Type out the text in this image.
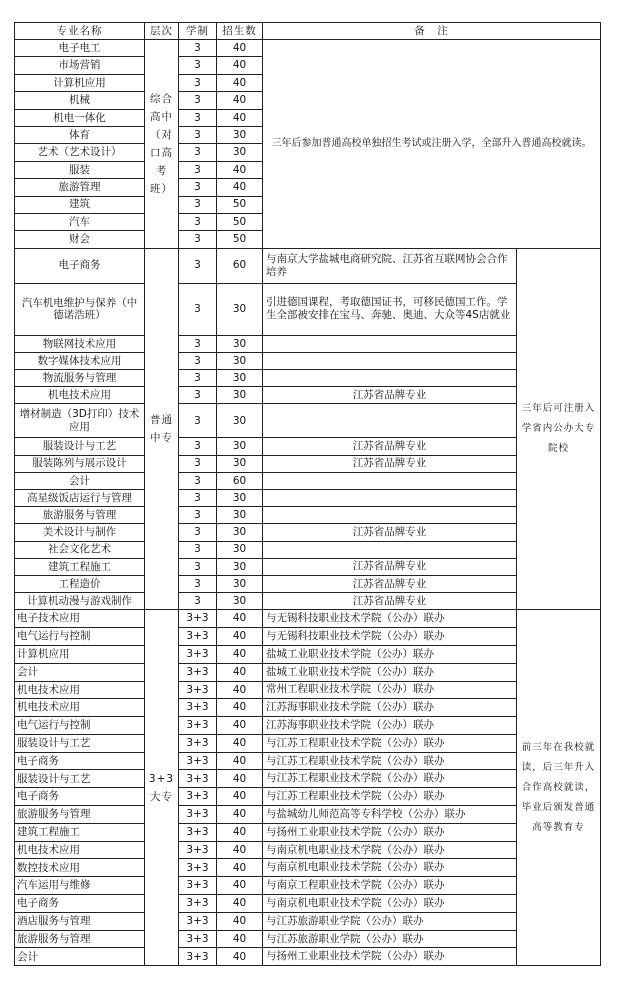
专业名称	层次	学制	招生数	备　注	
电子电工	综合高中（对口高考班）	3	40	三年后参加普通高校单独招生考试或注册入学，全部升入普通高校就读。	
市场营销		3	40		
计算机应用		3	40		
机械		3	40		
机电一体化		3	40		
体育		3	30		
艺术（艺术设计）		3	30		
服装		3	40		
旅游管理		3	40		
建筑		3	50		
汽车		3	50		
财会		3	50		
电子商务	普通中专	3	60	与南京大学盐城电商研究院、江苏省互联网协会合作培养	三年后可注册入学省内公办大专院校
汽车机电维护与保养（中德诺浩班）		3	30	引进德国课程，考取德国证书，可移民德国工作。学生全部被安排在宝马、奔驰、奥迪、大众等4S店就业	
物联网技术应用		3	30		
数字媒体技术应用		3	30		
物流服务与管理		3	30		
机电技术应用		3	30	江苏省品牌专业	
增材制造（3D打印）技术应用		3	30		
服装设计与工艺		3	30	江苏省品牌专业	
服装陈列与展示设计		3	30	江苏省品牌专业	
会计		3	60		
高星级饭店运行与管理		3	30		
旅游服务与管理		3	30		
美术设计与制作		3	30	江苏省品牌专业	
社会文化艺术		3	30		
建筑工程施工		3	30	江苏省品牌专业	
工程造价		3	30	江苏省品牌专业	
计算机动漫与游戏制作		3	30	江苏省品牌专业	
电子技术应用	3+3大专	3+3	40	与无锡科技职业技术学院（公办）联办	前三年在我校就读，后三年升入合作高校就读，毕业后颁发普通高等教育专
电气运行与控制		3+3	40	与无锡科技职业技术学院（公办）联办	
计算机应用		3+3	40	盐城工业职业技术学院（公办）联办	
会计		3+3	40	盐城工业职业技术学院（公办）联办	
机电技术应用		3+3	40	常州工程职业技术学院（公办）联办	
机电技术应用		3+3	40	江苏海事职业技术学院（公办）联办	
电气运行与控制		3+3	40	江苏海事职业技术学院（公办）联办	
服装设计与工艺		3+3	40	与江苏工程职业技术学院（公办）联办	
电子商务		3+3	40	与江苏工程职业技术学院（公办）联办	
服装设计与工艺		3+3	40	与江苏工程职业技术学院（公办）联办	
电子商务		3+3	40	与江苏工程职业技术学院（公办）联办	
旅游服务与管理		3+3	40	与盐城幼儿师范高等专科学校（公办）联办	
建筑工程施工		3+3	40	与扬州工业职业技术学院（公办）联办	
机电技术应用		3+3	40	与南京机电职业技术学院（公办）联办	
数控技术应用		3+3	40	与南京机电职业技术学院（公办）联办	
汽车运用与维修		3+3	40	与南京工程职业技术学院（公办）联办	
电子商务		3+3	40	与南京机电职业技术学院（公办）联办	
酒店服务与管理		3+3	40	与江苏旅游职业学院（公办）联办	
旅游服务与管理		3+3	40	与江苏旅游职业学院（公办）联办	
会计		3+3	40	与扬州工业职业技术学院（公办）联办	
